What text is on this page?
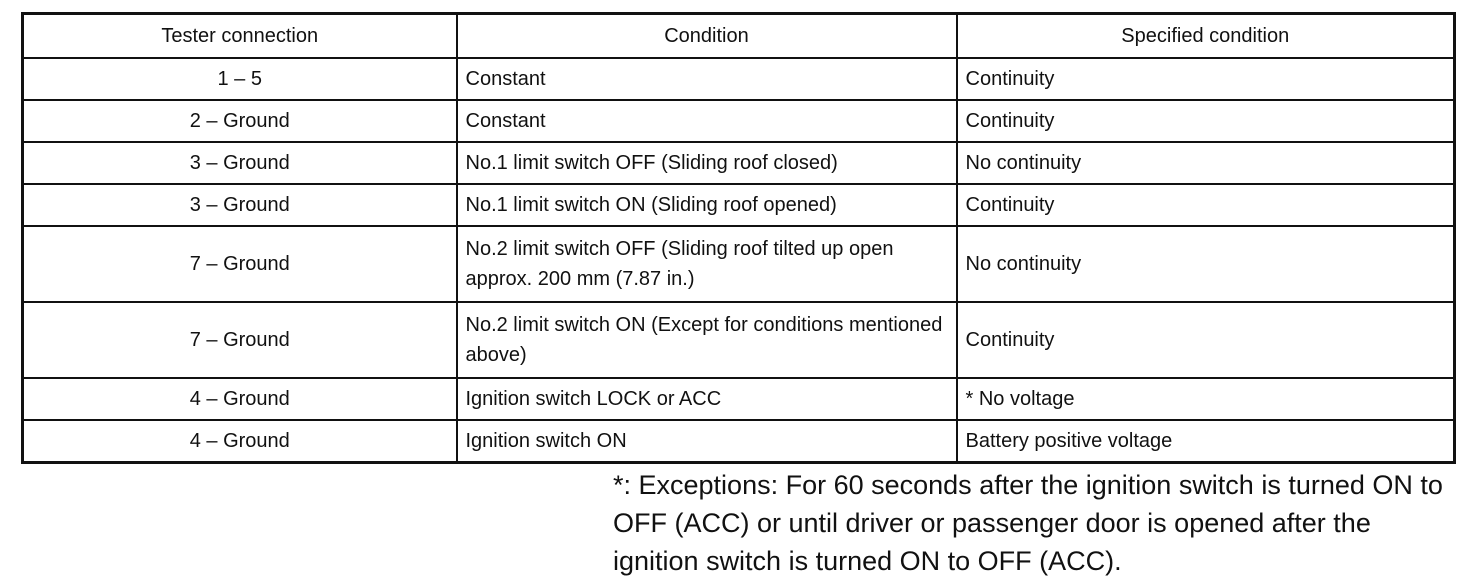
Tester connection	Condition	Specified condition
1 – 5	Constant	Continuity
2 – Ground	Constant	Continuity
3 – Ground	No.1 limit switch OFF (Sliding roof closed)	No continuity
3 – Ground	No.1 limit switch ON (Sliding roof opened)	Continuity
7 – Ground	No.2 limit switch OFF (Sliding roof tilted up open approx. 200 mm (7.87 in.)	No continuity
7 – Ground	No.2 limit switch ON (Except for conditions mentioned above)	Continuity
4 – Ground	Ignition switch LOCK or ACC	* No voltage
4 – Ground	Ignition switch ON	Battery positive voltage
*: Exceptions: For 60 seconds after the ignition switch is turned ON to OFF (ACC) or until driver or passenger door is opened after the ignition switch is turned ON to OFF (ACC).
